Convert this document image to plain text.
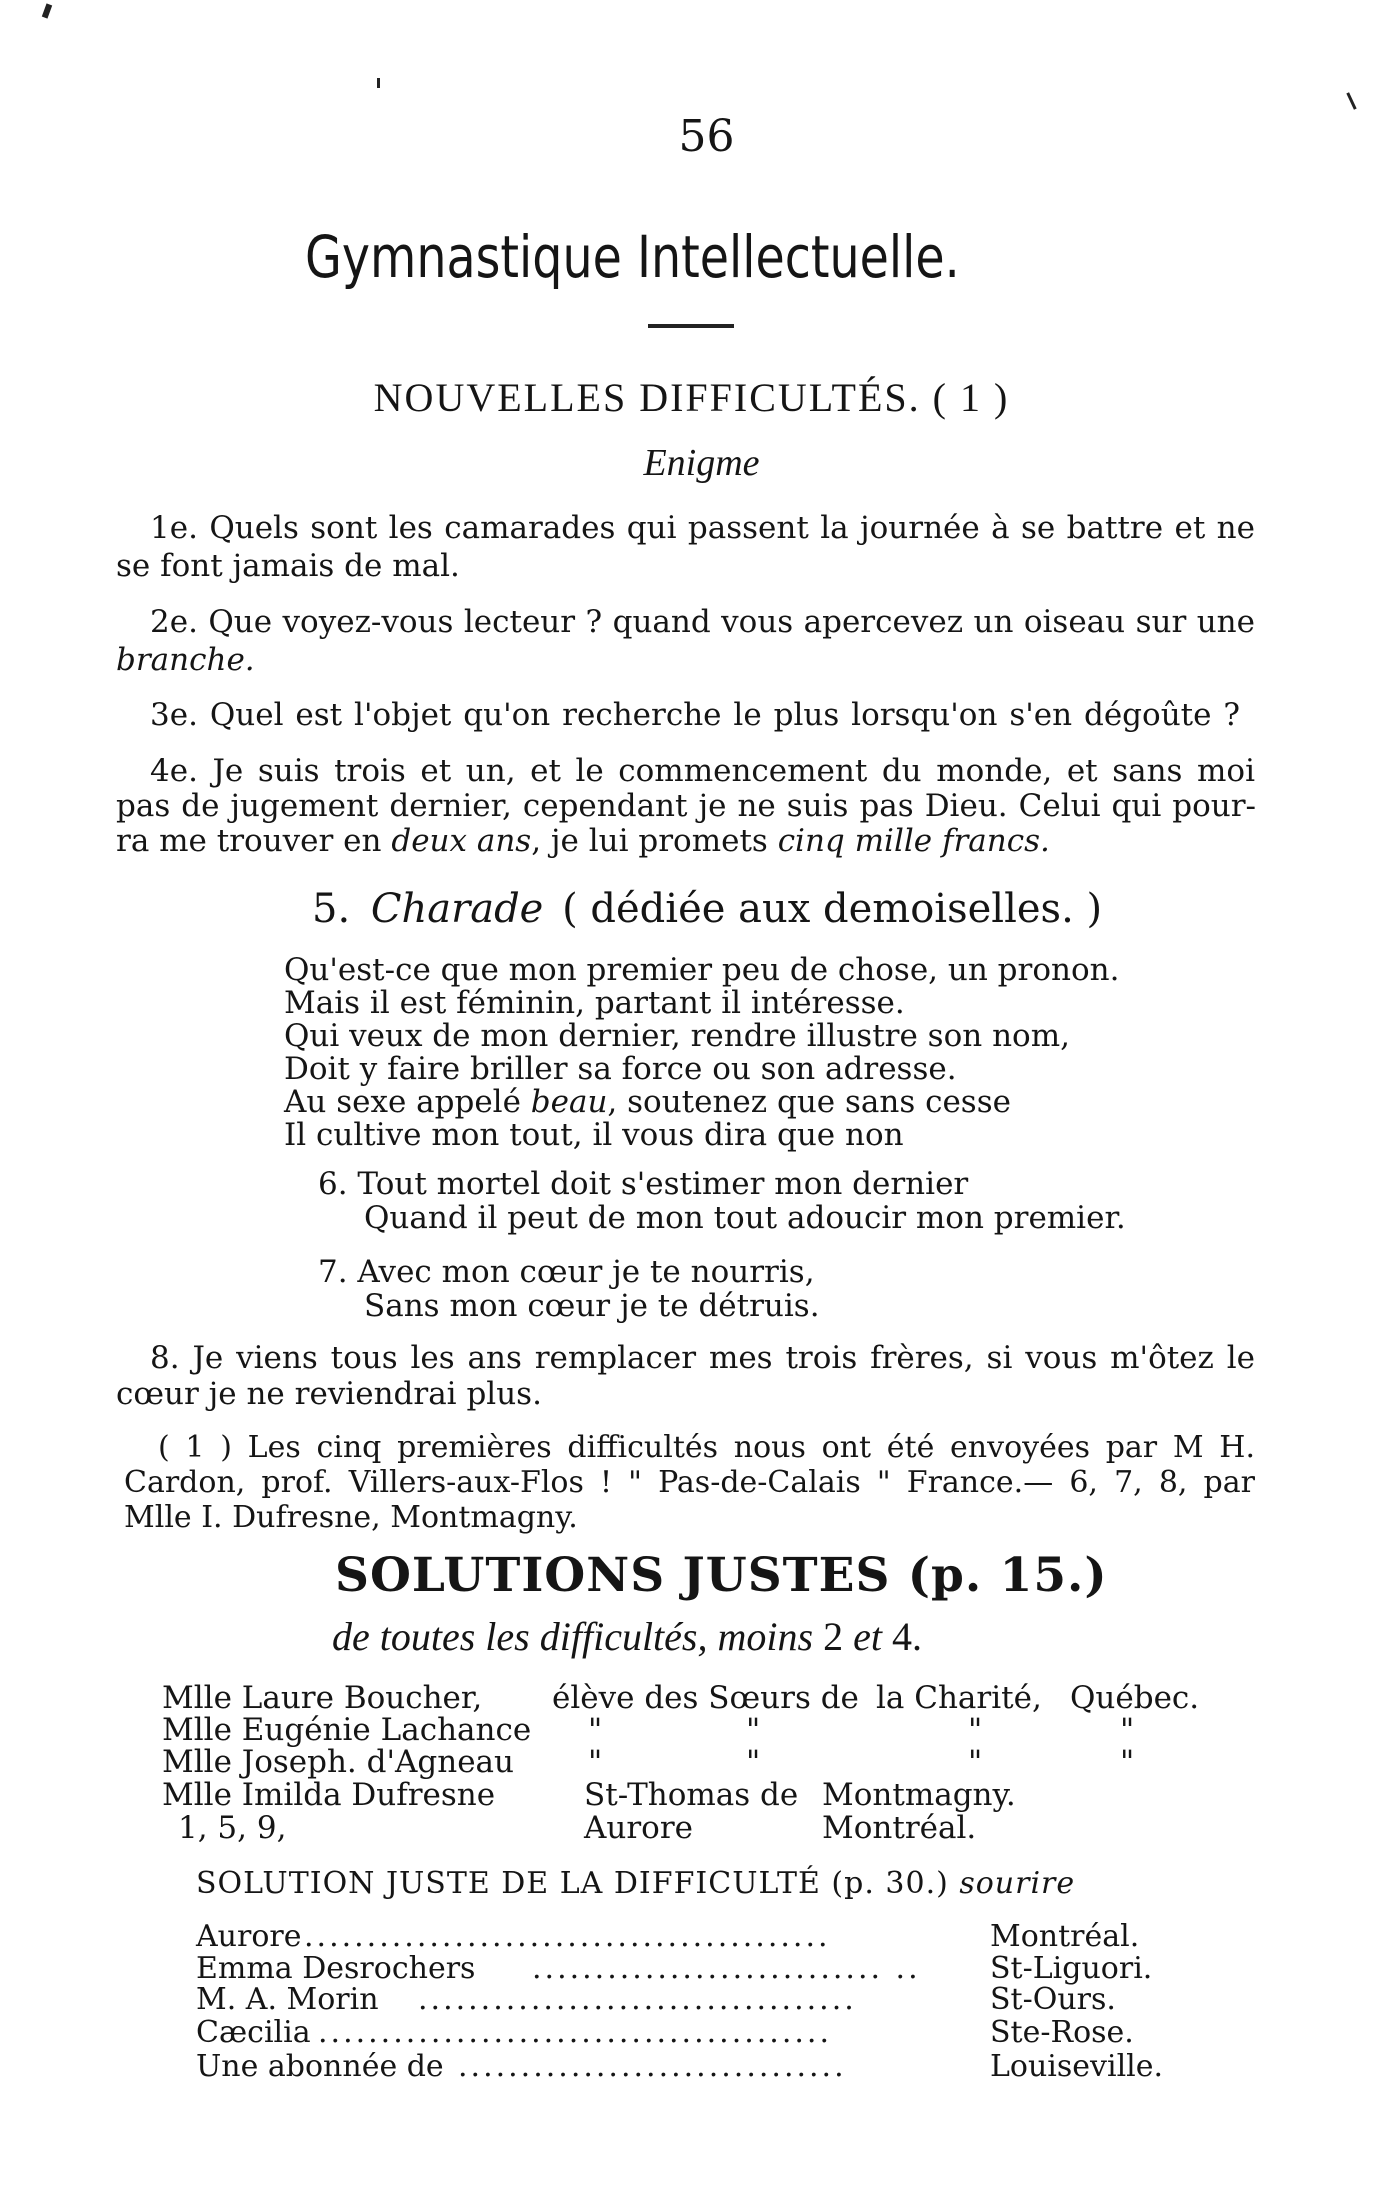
56
Gymnastique Intellectuelle.
NOUVELLES DIFFICULTÉS. ( 1 )
Enigme
1e. Quels sont les camarades qui passent la journée à se battre et ne
se font jamais de mal.
2e. Que voyez-vous lecteur ? quand vous apercevez un oiseau sur une
branche.
3e. Quel est l'objet qu'on recherche le plus lorsqu'on s'en dégoûte ?
4e. Je suis trois et un, et le commencement du monde, et sans moi
pas de jugement dernier, cependant je ne suis pas Dieu. Celui qui pour-
ra me trouver en deux ans, je lui promets cinq mille francs.
5. Charade ( dédiée aux demoiselles. )
Qu'est-ce que mon premier peu de chose, un pronon.
Mais il est féminin, partant il intéresse.
Qui veux de mon dernier, rendre illustre son nom,
Doit y faire briller sa force ou son adresse.
Au sexe appelé beau, soutenez que sans cesse
Il cultive mon tout, il vous dira que non
6. Tout mortel doit s'estimer mon dernier
Quand il peut de mon tout adoucir mon premier.
7. Avec mon cœur je te nourris,
Sans mon cœur je te détruis.
8. Je viens tous les ans remplacer mes trois frères, si vous m'ôtez le
cœur je ne reviendrai plus.
( 1 ) Les cinq premières difficultés nous ont été envoyées par M H.
Cardon, prof. Villers-aux-Flos ! " Pas-de-Calais " France.— 6, 7, 8, par
Mlle I. Dufresne, Montmagny.
SOLUTIONS JUSTES (p. 15.)
de toutes les difficultés, moins 2 et 4.
Mlle Laure Boucher, élève des Sœurs de la Charité, Québec.
Mlle Eugénie Lachance "	"	"	"
Mlle Joseph. d'Agneau "	"	"	"
Mlle Imilda Dufresne	St-Thomas de Montmagny.
1, 5, 9,	Aurore	Montréal.
SOLUTION JUSTE DE LA DIFFICULTÉ (p. 30.) sourire
Aurore ..........................................	Montréal.
Emma Desrochers ............................ .. St-Liguori.
M. A. Morin ...................................	St-Ours.
Cæcilia .........................................	Ste-Rose.
Une abonnée de ...............................	Louiseville.
